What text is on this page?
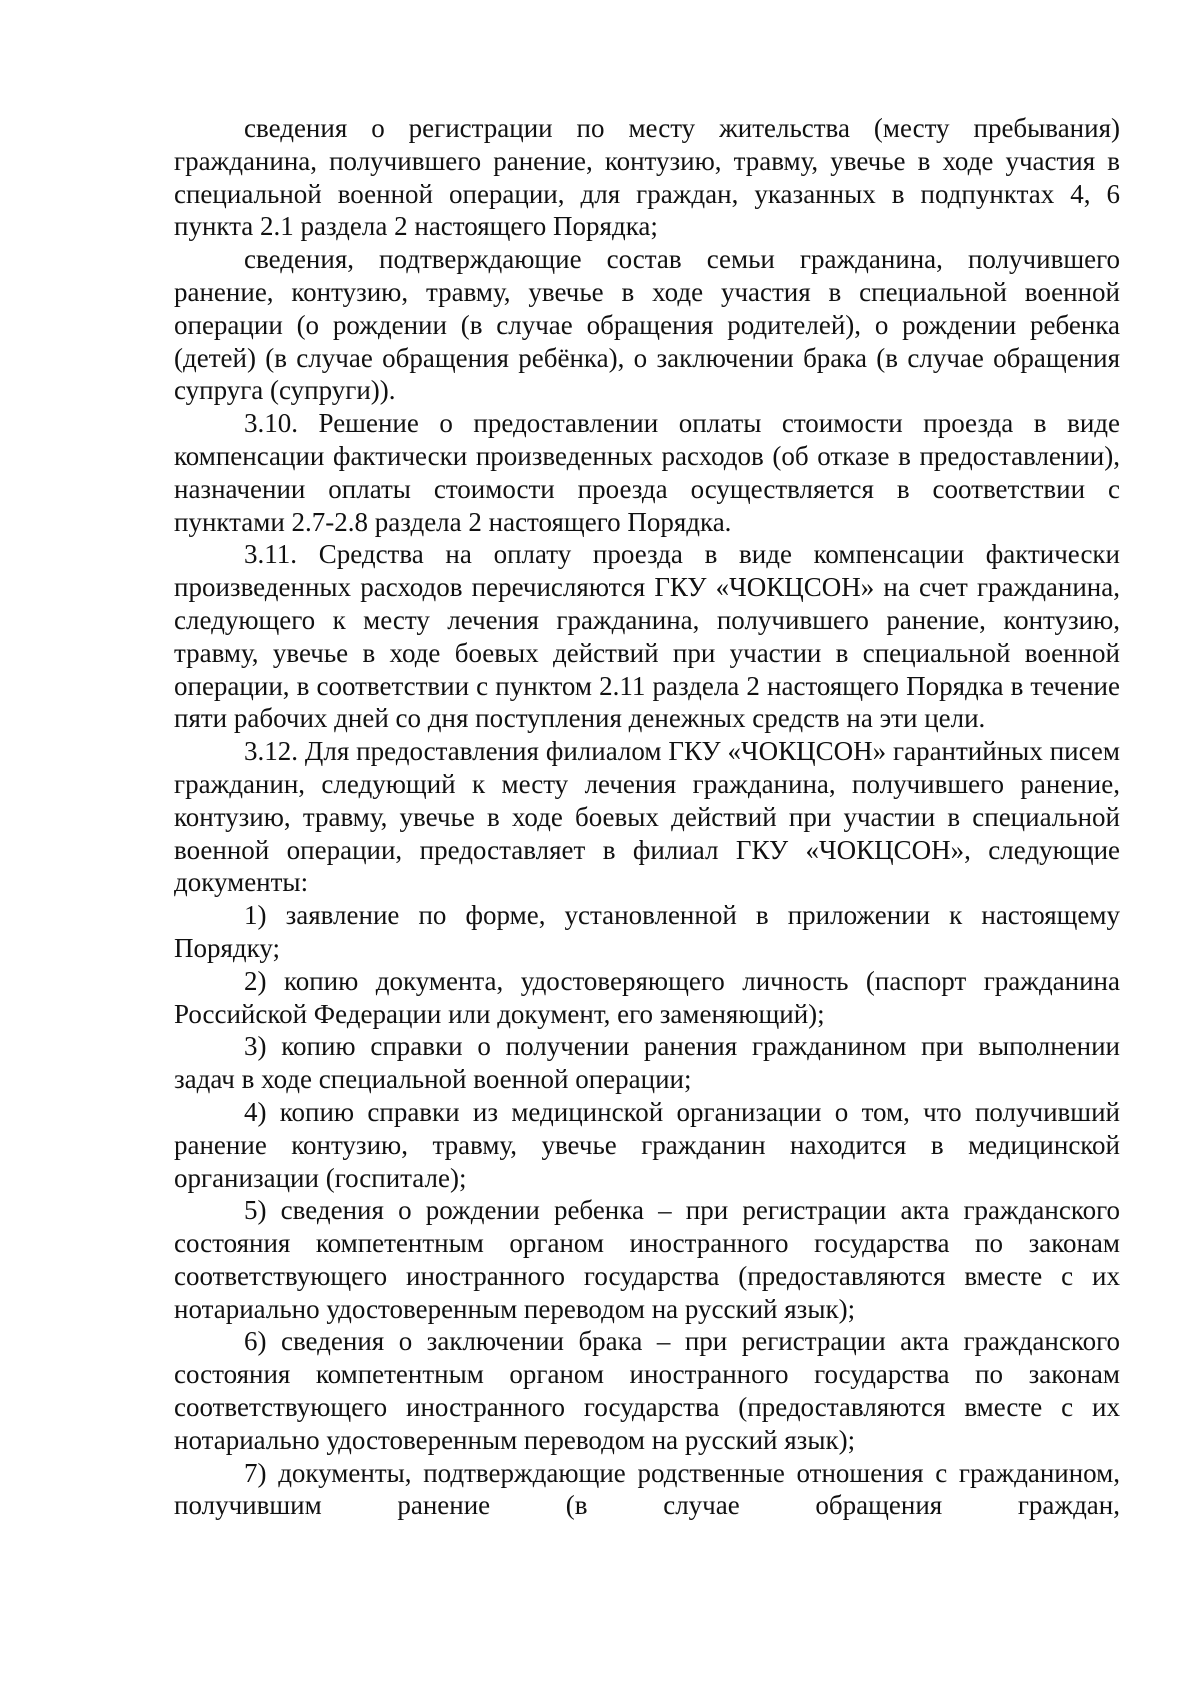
сведения о регистрации по месту жительства (месту пребывания) гражданина, получившего ранение, контузию, травму, увечье в ходе участия в специальной военной операции, для граждан, указанных в подпунктах 4, 6 пункта 2.1 раздела 2 настоящего Порядка;

сведения, подтверждающие состав семьи гражданина, получившего ранение, контузию, травму, увечье в ходе участия в специальной военной операции (о рождении (в случае обращения родителей), о рождении ребенка (детей) (в случае обращения ребёнка), о заключении брака (в случае обращения супруга (супруги)).

3.10. Решение о предоставлении оплаты стоимости проезда в виде компенсации фактически произведенных расходов (об отказе в предоставлении), назначении оплаты стоимости проезда осуществляется в соответствии с пунктами 2.7-2.8 раздела 2 настоящего Порядка.

3.11. Средства на оплату проезда в виде компенсации фактически произведенных расходов перечисляются ГКУ «ЧОКЦСОН» на счет гражданина, следующего к месту лечения гражданина, получившего ранение, контузию, травму, увечье в ходе боевых действий при участии в специальной военной операции, в соответствии с пунктом 2.11 раздела 2 настоящего Порядка в течение пяти рабочих дней со дня поступления денежных средств на эти цели.

3.12. Для предоставления филиалом ГКУ «ЧОКЦСОН» гарантийных писем гражданин, следующий к месту лечения гражданина, получившего ранение, контузию, травму, увечье в ходе боевых действий при участии в специальной военной операции, предоставляет в филиал ГКУ «ЧОКЦСОН», следующие документы:

1) заявление по форме, установленной в приложении к настоящему Порядку;

2) копию документа, удостоверяющего личность (паспорт гражданина Российской Федерации или документ, его заменяющий);

3) копию справки о получении ранения гражданином при выполнении задач в ходе специальной военной операции;

4) копию справки из медицинской организации о том, что получивший ранение контузию, травму, увечье гражданин находится в медицинской организации (госпитале);

5) сведения о рождении ребенка – при регистрации акта гражданского состояния компетентным органом иностранного государства по законам соответствующего иностранного государства (предоставляются вместе с их нотариально удостоверенным переводом на русский язык);

6) сведения о заключении брака – при регистрации акта гражданского состояния компетентным органом иностранного государства по законам соответствующего иностранного государства (предоставляются вместе с их нотариально удостоверенным переводом на русский язык);

7) документы, подтверждающие родственные отношения с гражданином, получившим ранение (в случае обращения граждан,
